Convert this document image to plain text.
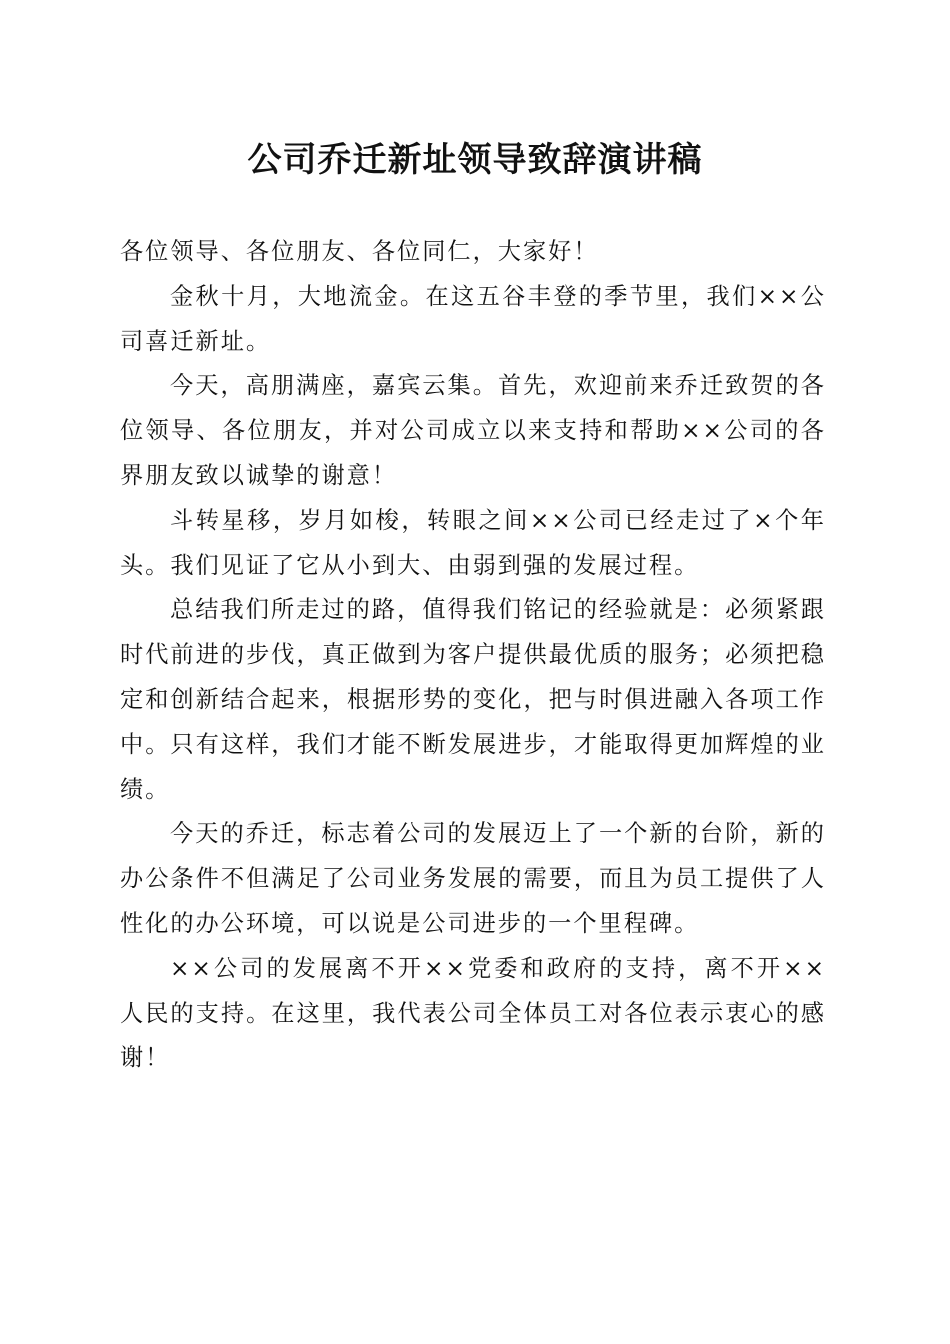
公司乔迁新址领导致辞演讲稿

各位领导、各位朋友、各位同仁，大家好！

金秋十月，大地流金。在这五谷丰登的季节里，我们××公司喜迁新址。

今天，高朋满座，嘉宾云集。首先，欢迎前来乔迁致贺的各位领导、各位朋友，并对公司成立以来支持和帮助××公司的各界朋友致以诚挚的谢意！

斗转星移，岁月如梭，转眼之间××公司已经走过了×个年头。我们见证了它从小到大、由弱到强的发展过程。

总结我们所走过的路，值得我们铭记的经验就是：必须紧跟时代前进的步伐，真正做到为客户提供最优质的服务；必须把稳定和创新结合起来，根据形势的变化，把与时俱进融入各项工作中。只有这样，我们才能不断发展进步，才能取得更加辉煌的业绩。

今天的乔迁，标志着公司的发展迈上了一个新的台阶，新的办公条件不但满足了公司业务发展的需要，而且为员工提供了人性化的办公环境，可以说是公司进步的一个里程碑。

××公司的发展离不开××党委和政府的支持，离不开××人民的支持。在这里，我代表公司全体员工对各位表示衷心的感谢！
